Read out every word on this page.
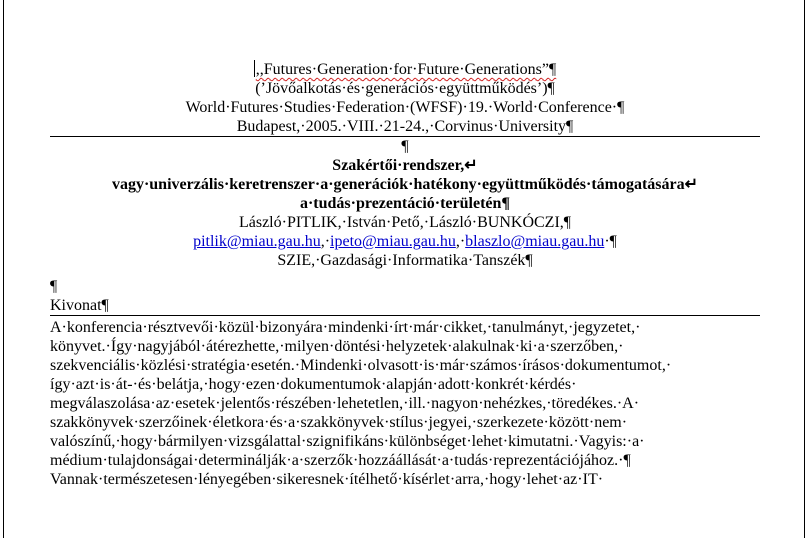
,,Futures·Generation·for·Future·Generations”¶
(’Jövőalkotás·és·generációs·együttműködés’)¶
World·Futures·Studies·Federation·(WFSF)·19.·World·Conference·¶
Budapest,·2005.·VIII.·21-24.,·Corvinus·University¶
¶
Szakértői·rendszer,↵
vagy·univerzális·keretrenszer·a·generációk·hatékony·együttműködés·támogatására↵
a·tudás·prezentáció·területén¶
László·PITLIK,·István·Pető,·László·BUNKÓCZI,¶
pitlik@miau.gau.hu,·ipeto@miau.gau.hu,·blaszlo@miau.gau.hu·¶
SZIE,·Gazdasági·Informatika·Tanszék¶
¶
Kivonat¶
A·konferencia·résztvevői·közül·bizonyára·mindenki·írt·már·cikket,·tanulmányt,·jegyzetet,·
könyvet.·Így·nagyjából·átérezhette,·milyen·döntési·helyzetek·alakulnak·ki·a·szerzőben,·
szekvenciális·közlési·stratégia·esetén.·Mindenki·olvasott·is·már·számos·írásos·dokumentumot,·
így·azt·is·át-·és·belátja,·hogy·ezen·dokumentumok·alapján·adott·konkrét·kérdés·
megválaszolása·az·esetek·jelentős·részében·lehetetlen,·ill.·nagyon·nehézkes,·töredékes.·A·
szakkönyvek·szerzőinek·életkora·és·a·szakkönyvek·stílus·jegyei,·szerkezete·között·nem·
valószínű,·hogy·bármilyen·vizsgálattal·szignifikáns·különbséget·lehet·kimutatni.·Vagyis:·a·
médium·tulajdonságai·determinálják·a·szerzők·hozzáállását·a·tudás·reprezentációjához.·¶
Vannak·természetesen·lényegében·sikeresnek·ítélhető·kísérlet·arra,·hogy·lehet·az·IT·
